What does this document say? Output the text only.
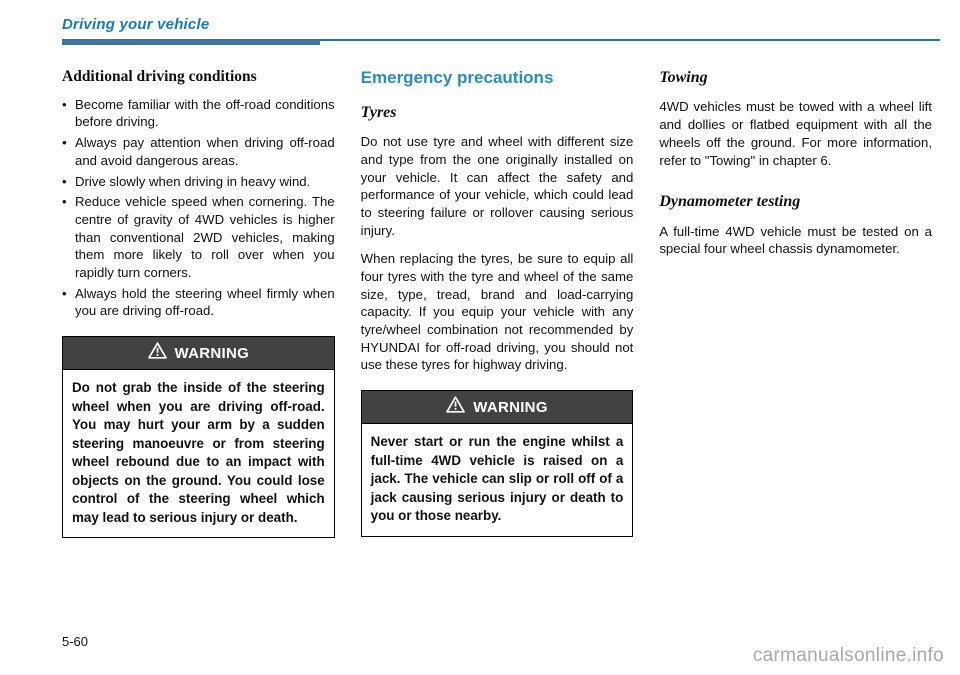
Driving your vehicle
Additional driving conditions
• Become familiar with the off-road conditions before driving.
• Always pay attention when driving off-road and avoid dangerous areas.
• Drive slowly when driving in heavy wind.
• Reduce vehicle speed when cornering. The centre of gravity of 4WD vehicles is higher than conventional 2WD vehicles, making them more likely to roll over when you rapidly turn corners.
• Always hold the steering wheel firmly when you are driving off-road.
WARNING
Do not grab the inside of the steering wheel when you are driving off-road. You may hurt your arm by a sudden steering manoeuvre or from steering wheel rebound due to an impact with objects on the ground. You could lose control of the steering wheel which may lead to serious injury or death.
Emergency precautions
Tyres

Do not use tyre and wheel with different size and type from the one originally installed on your vehicle. It can affect the safety and performance of your vehicle, which could lead to steering failure or rollover causing serious injury.

When replacing the tyres, be sure to equip all four tyres with the tyre and wheel of the same size, type, tread, brand and load-carrying capacity. If you equip your vehicle with any tyre/wheel combination not recommended by HYUNDAI for off-road driving, you should not use these tyres for highway driving.

WARNING
Never start or run the engine whilst a full-time 4WD vehicle is raised on a jack. The vehicle can slip or roll off of a jack causing serious injury or death to you or those nearby.
Towing

4WD vehicles must be towed with a wheel lift and dollies or flatbed equipment with all the wheels off the ground. For more information, refer to "Towing" in chapter 6.

Dynamometer testing

A full-time 4WD vehicle must be tested on a special four wheel chassis dynamometer.

5-60
carmanualsonline.info
